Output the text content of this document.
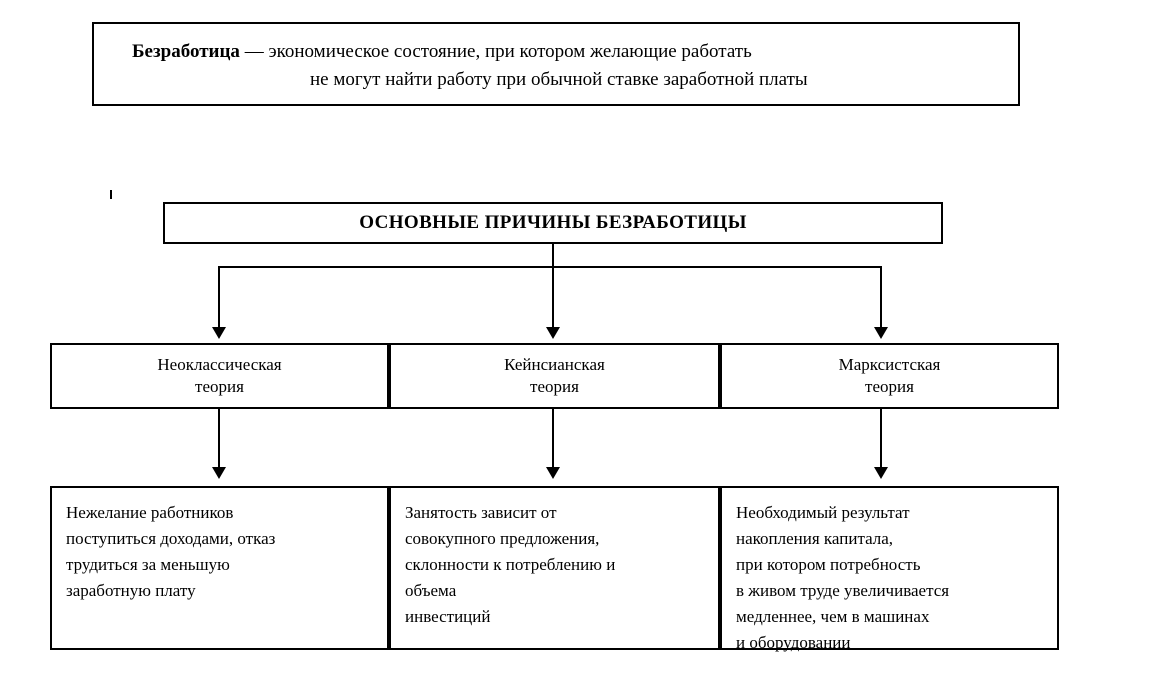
Безработица — экономическое состояние, при котором желающие работать
не могут найти работу при обычной ставке заработной платы
ОСНОВНЫЕ ПРИЧИНЫ БЕЗРАБОТИЦЫ
Неоклассическая
теория
Кейнсианская
теория
Марксистская
теория
Нежелание работников
поступиться доходами, отказ
трудиться за меньшую
заработную плату
Занятость зависит от
совокупного предложения,
склонности к потреблению и
объема
инвестиций
Необходимый результат
накопления капитала,
при котором потребность
в живом труде увеличивается
медленнее, чем в машинах
и оборудовании
